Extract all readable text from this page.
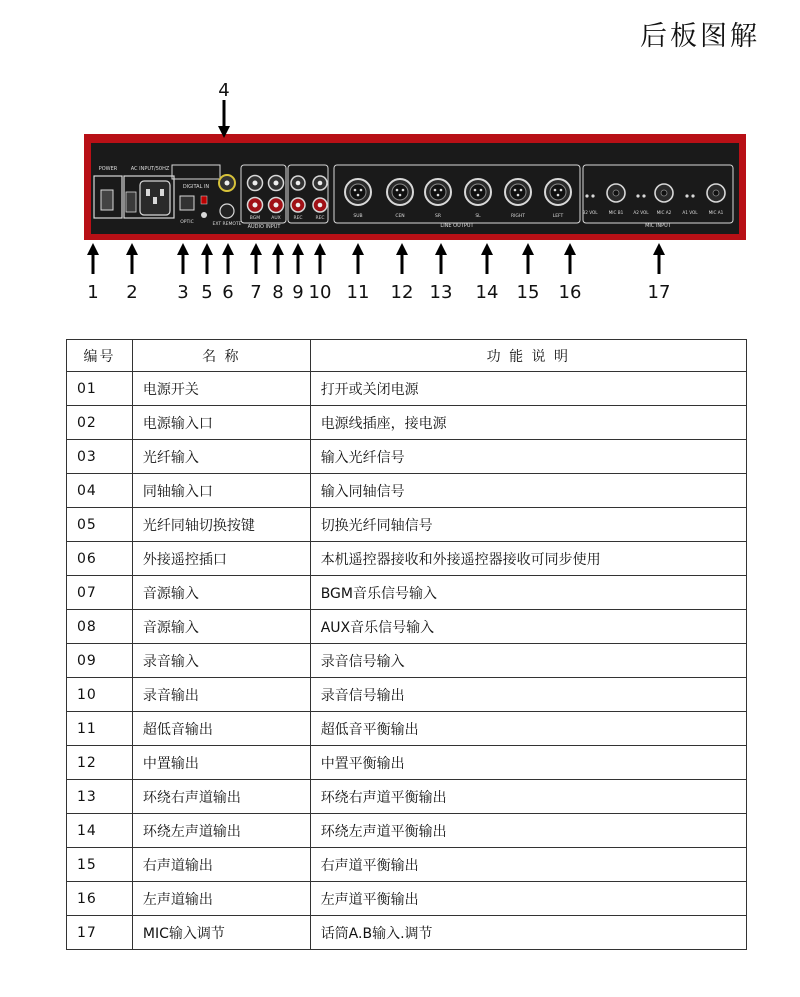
后板图解
POWER	AC INPUT/50HZ
DIGITAL IN
OPTIC	EXT REMOTE
BGM AUX
AUDIO INPUT
REC	REC	SUB	CEN	SR	SL	RIGHT	LEFT
LINE OUTPUT
B2 VOL	MIC B1 A2 VOL MIC A2	A1 VOL	MIC A1
MIC INPUT
4
1	2	3 5 6 7 8 9 10 11 12 13 14 15 16	17
编号	名 称	功 能 说 明
01	电源开关	打开或关闭电源
02	电源输入口	电源线插座，接电源
03	光纤输入	输入光纤信号
04	同轴输入口	输入同轴信号
05	光纤同轴切换按键	切换光纤同轴信号
06	外接遥控插口	本机遥控器接收和外接遥控器接收可同步使用
07	音源输入	BGM音乐信号输入
08	音源输入	AUX音乐信号输入
09	录音输入	录音信号输入
10	录音输出	录音信号输出
11	超低音输出	超低音平衡输出
12	中置输出	中置平衡输出
13	环绕右声道输出	环绕右声道平衡输出
14	环绕左声道输出	环绕左声道平衡输出
15	右声道输出	右声道平衡输出
16	左声道输出	左声道平衡输出
17	MIC输入调节	话筒A.B输入.调节
